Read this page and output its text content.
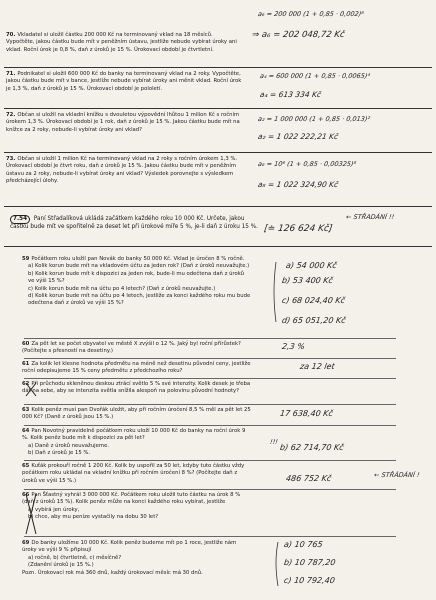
70. Vkladatel si uložil částku 200 000 Kč na terminovaný vklad na 18 měsíců. Vypočtěte, jakou částku bude mít v peněžním ústavu, jestliže nebude vybírat úroky ani vklad. Roční úrok je 0,8 %, daň z úroků je 15 %. Úrokovací období je čtvrtletní.
71. Podnikatel si uložil 600 000 Kč do banky na terminovaný vklad na 2 roky. Vypočtěte, jakou částku bude mít v bance, jestliže nebude vybírat úroky ani měnit vklad. Roční úrok je 1,3 %, daň z úroků je 15 %. Úrokovací období je pololetí.
72. Občan si uložil na vkladní knížku s dvouletou výpovědní lhůtou 1 milion Kč s ročním úrokem 1,3 %. Úrokovací období je 1 rok, daň z úroků je 15 %. Jakou částku bude mít na knížce za 2 roky, nebude-li vybírat úroky ani vklad?
73. Občan si uložil 1 milion Kč na terminovaný vklad na 2 roky s ročním úrokem 1,3 %. Úrokovací období je čtvrt roku, daň z úroků je 15 %. Jakou částku bude mít v peněžním ústavu za 2 roky, nebude-li vybírat úroky ani vklad? Výsledek porovnejte s výsledkem předcházející úlohy.
7.54 Paní Střadalíková ukládá začátkem každého roku 10 000 Kč. Určete, jakou částku bude mít ve spořitelně za deset let při úrokové míře 5 %, je-li daň z úroku 15 %.
59 Počátkem roku uložil pan Novák do banky 50 000 Kč. Vklad je úročen 8 % ročně.
a) Kolik korun bude mít na vkladovém účtu za jeden rok? (Daň z úroků neuvažujte.)
b) Kolik korun bude mít k dispozici za jeden rok, bude-li mu odečtena daň z úroků ve výši 15 %?
c) Kolik korun bude mít na účtu po 4 letech? (Daň z úroků neuvažujte.)
d) Kolik korun bude mít na účtu po 4 letech, jestliže za konci každého roku mu bude odečtena daň z úroků ve výši 15 %?
60 Za pět let se počet obyvatel ve městě X zvýšil o 12 %. Jaký byl roční přírůstek? (Počítejte s přesností na desetiny.)
61 Za kolik let klesne hodnota předmětu na méně než desetinu původní ceny, jestliže roční odepisujeme 15 % ceny předmětu z předchozího roku?
62 Při průchodu skleněnou deskou ztrácí světlo 5 % své intenzity. Kolik desek je třeba dát na sebe, aby se intenzita světla snížila alespoň na polovinu původní hodnoty?
63 Kolik peněz musí pan Dvořák uložit, aby při ročním úročení 8,5 % měl za pět let 25 000 Kč? (Daně z úroků jsou 15 %.)
64 Pan Novotný pravidelně počátkem roku uloží 10 000 Kč do banky na roční úrok 9 %. Kolik peněz bude mít k dispozici za pět let?
a) Daně z úroků neuvažujeme.
b) Daň z úroků je 15 %.
65 Kuťák prokouří ročně 1 200 Kč. Kolik by uspořil za 50 let, kdyby tuto částku vždy počátkem roku ukládal na vkladní knížku při ročním úročení 8 %? (Počítejte daň z úroků ve výši 15 %.)
66 Pan Šťastný vyhrál 3 000 000 Kč. Počátkem roku uložil tuto částku na úrok 8 % (daň z úroků 15 %). Kolik peněz může na konci každého roku vybírat, jestliže
a) vybírá jen úroky,
b) chce, aby mu peníze vystačily na dobu 30 let?
69 Do banky uložíme 10 000 Kč. Kolik peněz budeme mít po 1 roce, jestliže nám úroky ve výši 9 % připisují
a) ročně, b) čtvrtletně, c) měsíčně?
(Zdanění úroků je 15 %.)
Pozn. Úrokovací rok má 360 dnů, každý úrokovací měsíc má 30 dnů.
a₆ = 200 000 (1 + 0,85 · 0,002)⁶
⇒ a₆ = 202 048,72 Kč
a₄ = 600 000 (1 + 0,85 · 0,0065)⁴
a₄ = 613 334 Kč
a₂ = 1 000 000 (1 + 0,85 · 0,013)²
a₂ = 1 022 222,21 Kč
a₈ = 10⁶ (1 + 0,85 · 0,00325)⁸
a₈ = 1 022 324,90 Kč
[≐ 126 624 Kč]
← STŘADÁNÍ !!
a) 54 000 Kč
b) 53 400 Kč
c) 68 024,40 Kč
d) 65 051,20 Kč
2,3 %
za 12 let
17 638,40 Kč
b) 62 714,70 Kč
!!!
486 752 Kč	← STŘÁDÁNÍ !
a) 10 765
b) 10 787,20
c) 10 792,40
